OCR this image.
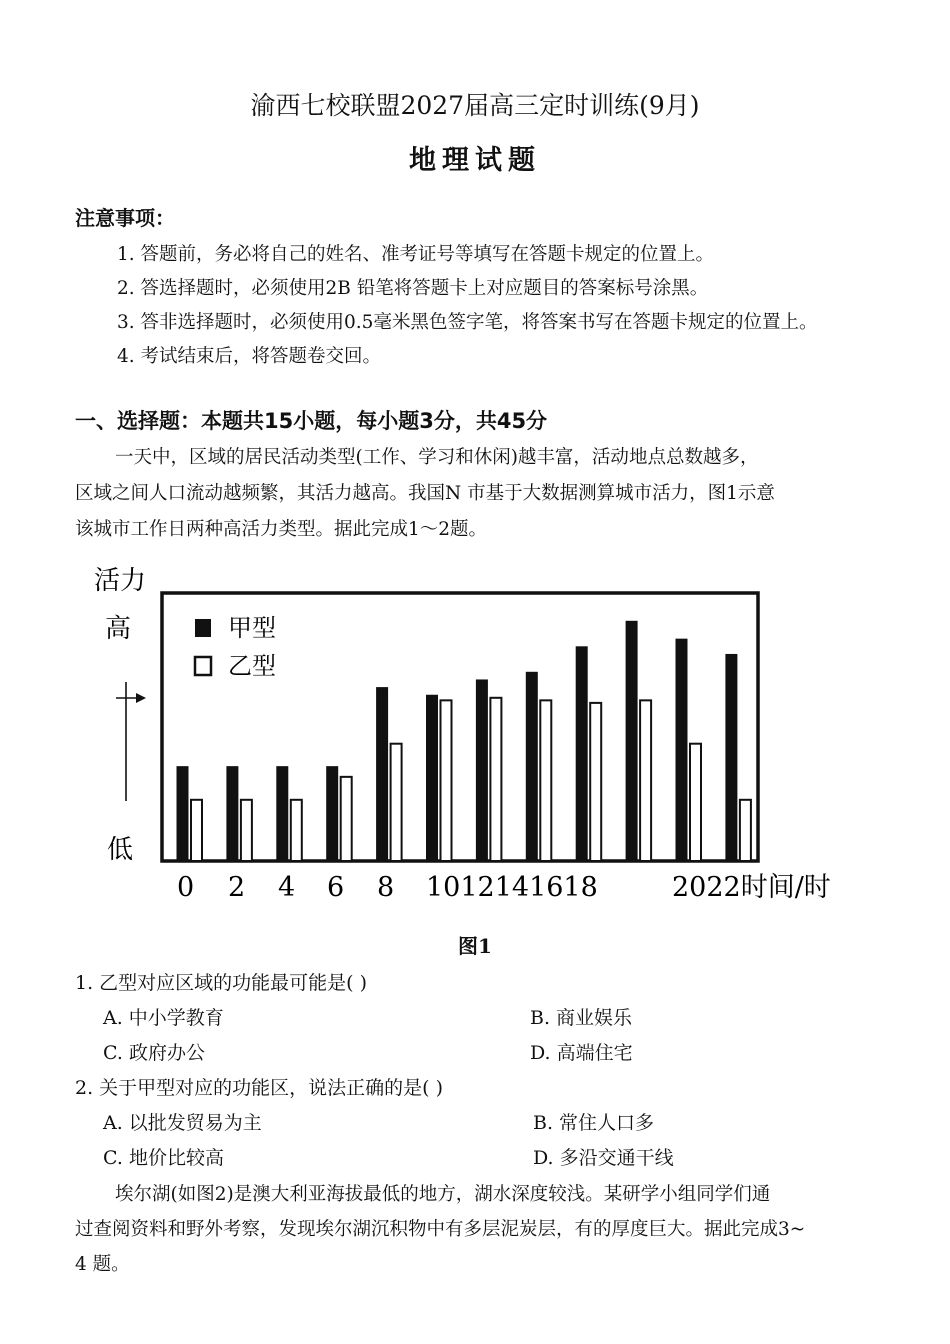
渝西七校联盟2027届高三定时训练(9月)
地理试题
注意事项：
1. 答题前，务必将自己的姓名、准考证号等填写在答题卡规定的位置上。
2. 答选择题时，必须使用2B 铅笔将答题卡上对应题目的答案标号涂黑。
3. 答非选择题时，必须使用0.5毫米黑色签字笔，将答案书写在答题卡规定的位置上。
4. 考试结束后，将答题卷交回。
一、选择题：本题共15小题，每小题3分，共45分
一天中，区域的居民活动类型(工作、学习和休闲)越丰富，活动地点总数越多，
区域之间人口流动越频繁，其活力越高。我国N 市基于大数据测算城市活力，图1示意
该城市工作日两种高活力类型。据此完成1～2题。
活力
高
低
甲型
乙型
0 2 4 6 8 1012141618	2022时间/时
图1
1. 乙型对应区域的功能最可能是( )
A. 中小学教育	B. 商业娱乐
C. 政府办公	D. 高端住宅
2. 关于甲型对应的功能区，说法正确的是( )
A. 以批发贸易为主	B. 常住人口多
C. 地价比较高	D. 多沿交通干线
埃尔湖(如图2)是澳大利亚海拔最低的地方，湖水深度较浅。某研学小组同学们通
过查阅资料和野外考察，发现埃尔湖沉积物中有多层泥炭层，有的厚度巨大。据此完成3~
4 题。
